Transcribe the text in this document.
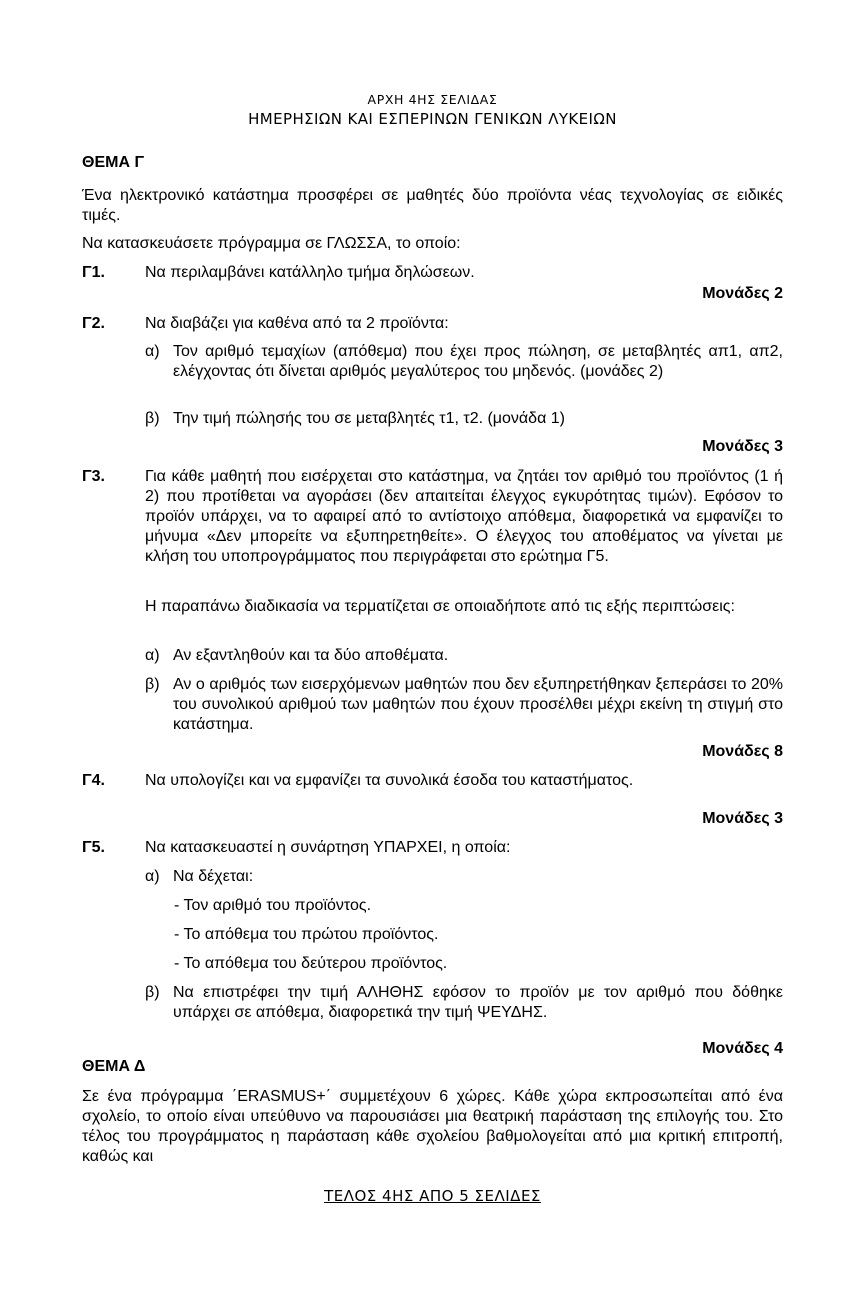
ΑΡΧΗ 4ΗΣ ΣΕΛΙΔΑΣ
ΗΜΕΡΗΣΙΩΝ ΚΑΙ ΕΣΠΕΡΙΝΩΝ ΓΕΝΙΚΩΝ ΛΥΚΕΙΩΝ
ΘΕΜΑ Γ
Ένα ηλεκτρονικό κατάστημα προσφέρει σε μαθητές δύο προϊόντα νέας τεχνολογίας σε ειδικές τιμές.
Να κατασκευάσετε πρόγραμμα σε ΓΛΩΣΣΑ, το οποίο:
Γ1.	Να περιλαμβάνει κατάλληλο τμήμα δηλώσεων.
Μονάδες 2
Γ2.	Να διαβάζει για καθένα από τα 2 προϊόντα:
α) Τον αριθμό τεμαχίων (απόθεμα) που έχει προς πώληση, σε μεταβλητές απ1, απ2, ελέγχοντας ότι δίνεται αριθμός μεγαλύτερος του μηδενός. (μονάδες 2)
β) Την τιμή πώλησής του σε μεταβλητές τ1, τ2. (μονάδα 1)
Μονάδες 3
Γ3.	Για κάθε μαθητή που εισέρχεται στο κατάστημα, να ζητάει τον αριθμό του προϊόντος (1 ή 2) που προτίθεται να αγοράσει (δεν απαιτείται έλεγχος εγκυρότητας τιμών). Εφόσον το προϊόν υπάρχει, να το αφαιρεί από το αντίστοιχο απόθεμα, διαφορετικά να εμφανίζει το μήνυμα «Δεν μπορείτε να εξυπηρετηθείτε». Ο έλεγχος του αποθέματος να γίνεται με κλήση του υποπρογράμματος που περιγράφεται στο ερώτημα Γ5.
Η παραπάνω διαδικασία να τερματίζεται σε οποιαδήποτε από τις εξής περιπτώσεις:
α) Αν εξαντληθούν και τα δύο αποθέματα.
β) Αν ο αριθμός των εισερχόμενων μαθητών που δεν εξυπηρετήθηκαν ξεπεράσει το 20% του συνολικού αριθμού των μαθητών που έχουν προσέλθει μέχρι εκείνη τη στιγμή στο κατάστημα.
Μονάδες 8
Γ4.	Να υπολογίζει και να εμφανίζει τα συνολικά έσοδα του καταστήματος.
Μονάδες 3
Γ5.	Να κατασκευαστεί η συνάρτηση ΥΠΑΡΧΕΙ, η οποία:
α) Να δέχεται:
- Τον αριθμό του προϊόντος.
- Το απόθεμα του πρώτου προϊόντος.
- Το απόθεμα του δεύτερου προϊόντος.
β) Να επιστρέφει την τιμή ΑΛΗΘΗΣ εφόσον το προϊόν με τον αριθμό που δόθηκε υπάρχει σε απόθεμα, διαφορετικά την τιμή ΨΕΥΔΗΣ.
Μονάδες 4
ΘΕΜΑ Δ
Σε ένα πρόγραμμα ΄ERASMUS+΄ συμμετέχουν 6 χώρες. Κάθε χώρα εκπροσωπείται από ένα σχολείο, το οποίο είναι υπεύθυνο να παρουσιάσει μια θεατρική παράσταση της επιλογής του. Στο τέλος του προγράμματος η παράσταση κάθε σχολείου βαθμολογείται από μια κριτική επιτροπή, καθώς και
ΤΕΛΟΣ 4ΗΣ ΑΠΟ 5 ΣΕΛΙΔΕΣ
